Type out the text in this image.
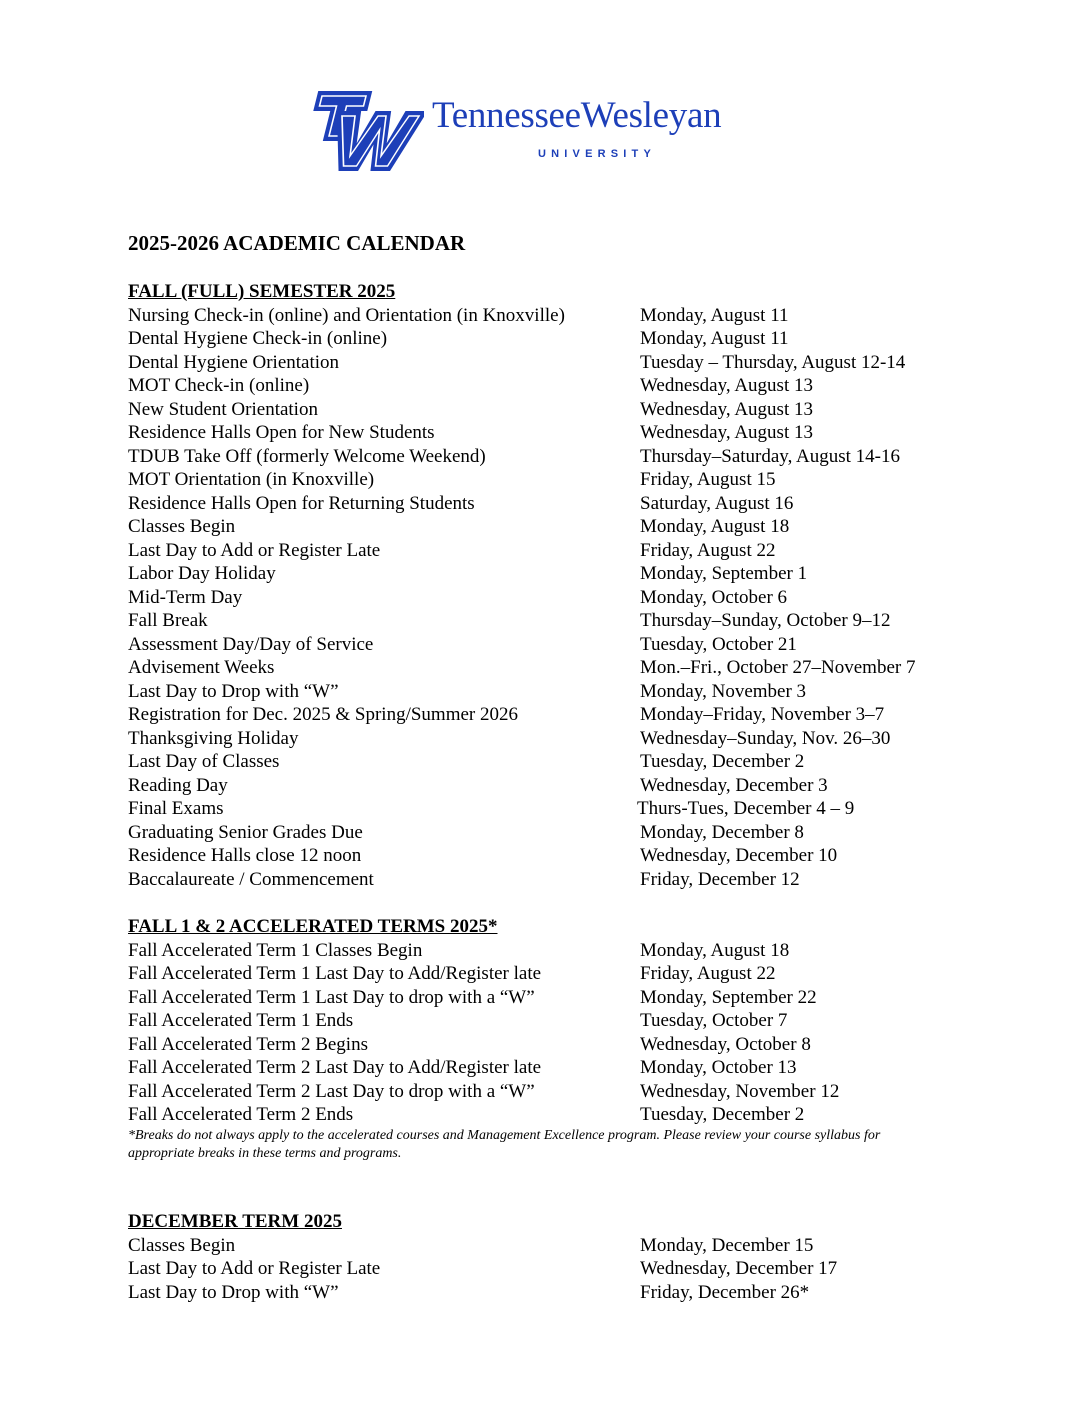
TennesseeWesleyan
UNIVERSITY
2025-2026 ACADEMIC CALENDAR
FALL (FULL) SEMESTER 2025
Nursing Check-in (online) and Orientation (in Knoxville)	Monday, August 11
Dental Hygiene Check-in (online)	Monday, August 11
Dental Hygiene Orientation	Tuesday – Thursday, August 12-14
MOT Check-in (online)	Wednesday, August 13
New Student Orientation	Wednesday, August 13
Residence Halls Open for New Students	Wednesday, August 13
TDUB Take Off (formerly Welcome Weekend)	Thursday–Saturday, August 14-16
MOT Orientation (in Knoxville)	Friday, August 15
Residence Halls Open for Returning Students	Saturday, August 16
Classes Begin	Monday, August 18
Last Day to Add or Register Late	Friday, August 22
Labor Day Holiday	Monday, September 1
Mid-Term Day	Monday, October 6
Fall Break	Thursday–Sunday, October 9–12
Assessment Day/Day of Service	Tuesday, October 21
Advisement Weeks	Mon.–Fri., October 27–November 7
Last Day to Drop with “W”	Monday, November 3
Registration for Dec. 2025 & Spring/Summer 2026	Monday–Friday, November 3–7
Thanksgiving Holiday	Wednesday–Sunday, Nov. 26–30
Last Day of Classes	Tuesday, December 2
Reading Day	Wednesday, December 3
Final Exams	Thurs-Tues, December 4 – 9
Graduating Senior Grades Due	Monday, December 8
Residence Halls close 12 noon	Wednesday, December 10
Baccalaureate / Commencement	Friday, December 12
FALL 1 & 2 ACCELERATED TERMS 2025*
Fall Accelerated Term 1 Classes Begin	Monday, August 18
Fall Accelerated Term 1 Last Day to Add/Register late	Friday, August 22
Fall Accelerated Term 1 Last Day to drop with a “W”	Monday, September 22
Fall Accelerated Term 1 Ends	Tuesday, October 7
Fall Accelerated Term 2 Begins	Wednesday, October 8
Fall Accelerated Term 2 Last Day to Add/Register late	Monday, October 13
Fall Accelerated Term 2 Last Day to drop with a “W”	Wednesday, November 12
Fall Accelerated Term 2 Ends	Tuesday, December 2
*Breaks do not always apply to the accelerated courses and Management Excellence program. Please review your course syllabus for appropriate breaks in these terms and programs.
DECEMBER TERM 2025
Classes Begin	Monday, December 15
Last Day to Add or Register Late	Wednesday, December 17
Last Day to Drop with “W”	Friday, December 26*
